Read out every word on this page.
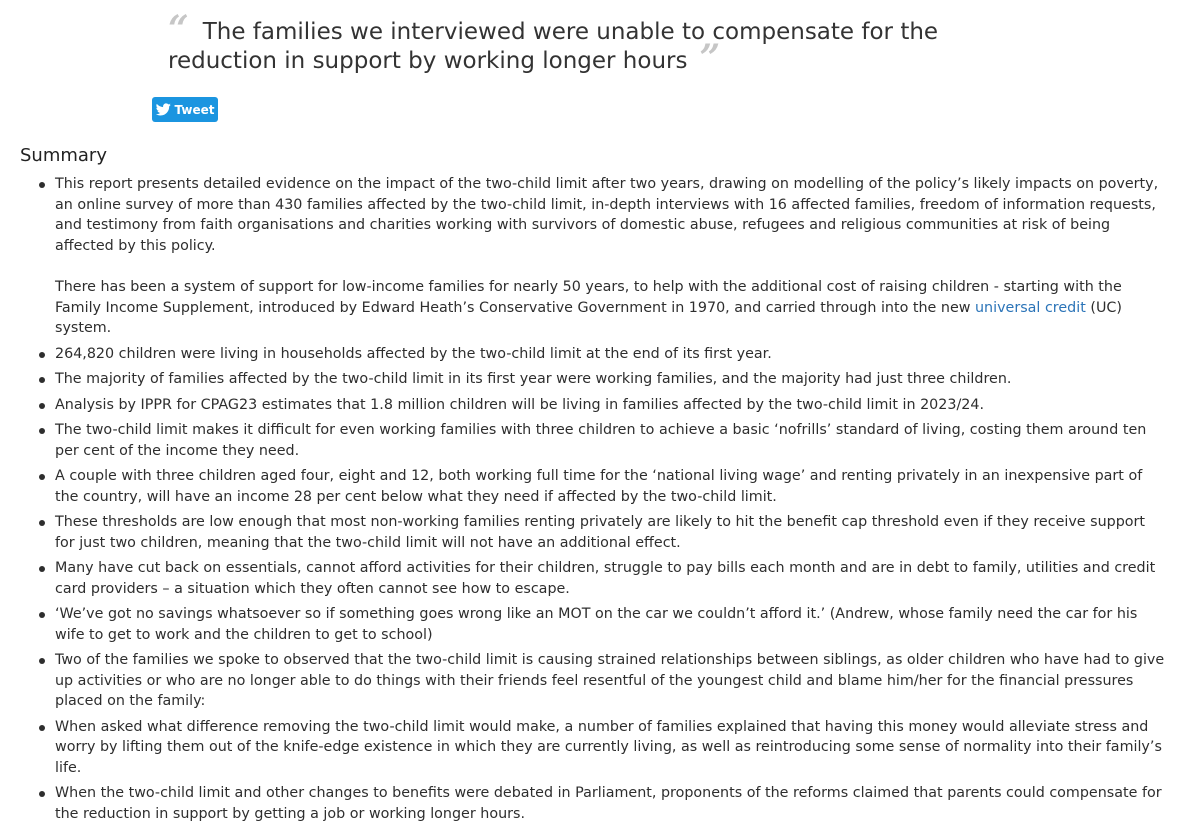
“ The families we interviewed were unable to compensate for the reduction in support by working longer hours ”
Tweet
Summary
This report presents detailed evidence on the impact of the two-child limit after two years, drawing on modelling of the policy’s likely impacts on poverty, an online survey of more than 430 families affected by the two-child limit, in-depth interviews with 16 affected families, freedom of information requests, and testimony from faith organisations and charities working with survivors of domestic abuse, refugees and religious communities at risk of being affected by this policy.
There has been a system of support for low-income families for nearly 50 years, to help with the additional cost of raising children - starting with the Family Income Supplement, introduced by Edward Heath’s Conservative Government in 1970, and carried through into the new universal credit (UC) system.
264,820 children were living in households affected by the two-child limit at the end of its first year.
The majority of families affected by the two-child limit in its first year were working families, and the majority had just three children.
Analysis by IPPR for CPAG23 estimates that 1.8 million children will be living in families affected by the two-child limit in 2023/24.
The two-child limit makes it difficult for even working families with three children to achieve a basic ‘nofrills’ standard of living, costing them around ten per cent of the income they need.
A couple with three children aged four, eight and 12, both working full time for the ‘national living wage’ and renting privately in an inexpensive part of the country, will have an income 28 per cent below what they need if affected by the two-child limit.
These thresholds are low enough that most non-working families renting privately are likely to hit the benefit cap threshold even if they receive support for just two children, meaning that the two-child limit will not have an additional effect.
Many have cut back on essentials, cannot afford activities for their children, struggle to pay bills each month and are in debt to family, utilities and credit card providers – a situation which they often cannot see how to escape.
‘We’ve got no savings whatsoever so if something goes wrong like an MOT on the car we couldn’t afford it.’ (Andrew, whose family need the car for his wife to get to work and the children to get to school)
Two of the families we spoke to observed that the two-child limit is causing strained relationships between siblings, as older children who have had to give up activities or who are no longer able to do things with their friends feel resentful of the youngest child and blame him/her for the financial pressures placed on the family:
When asked what difference removing the two-child limit would make, a number of families explained that having this money would alleviate stress and worry by lifting them out of the knife-edge existence in which they are currently living, as well as reintroducing some sense of normality into their family’s life.
When the two-child limit and other changes to benefits were debated in Parliament, proponents of the reforms claimed that parents could compensate for the reduction in support by getting a job or working longer hours.
